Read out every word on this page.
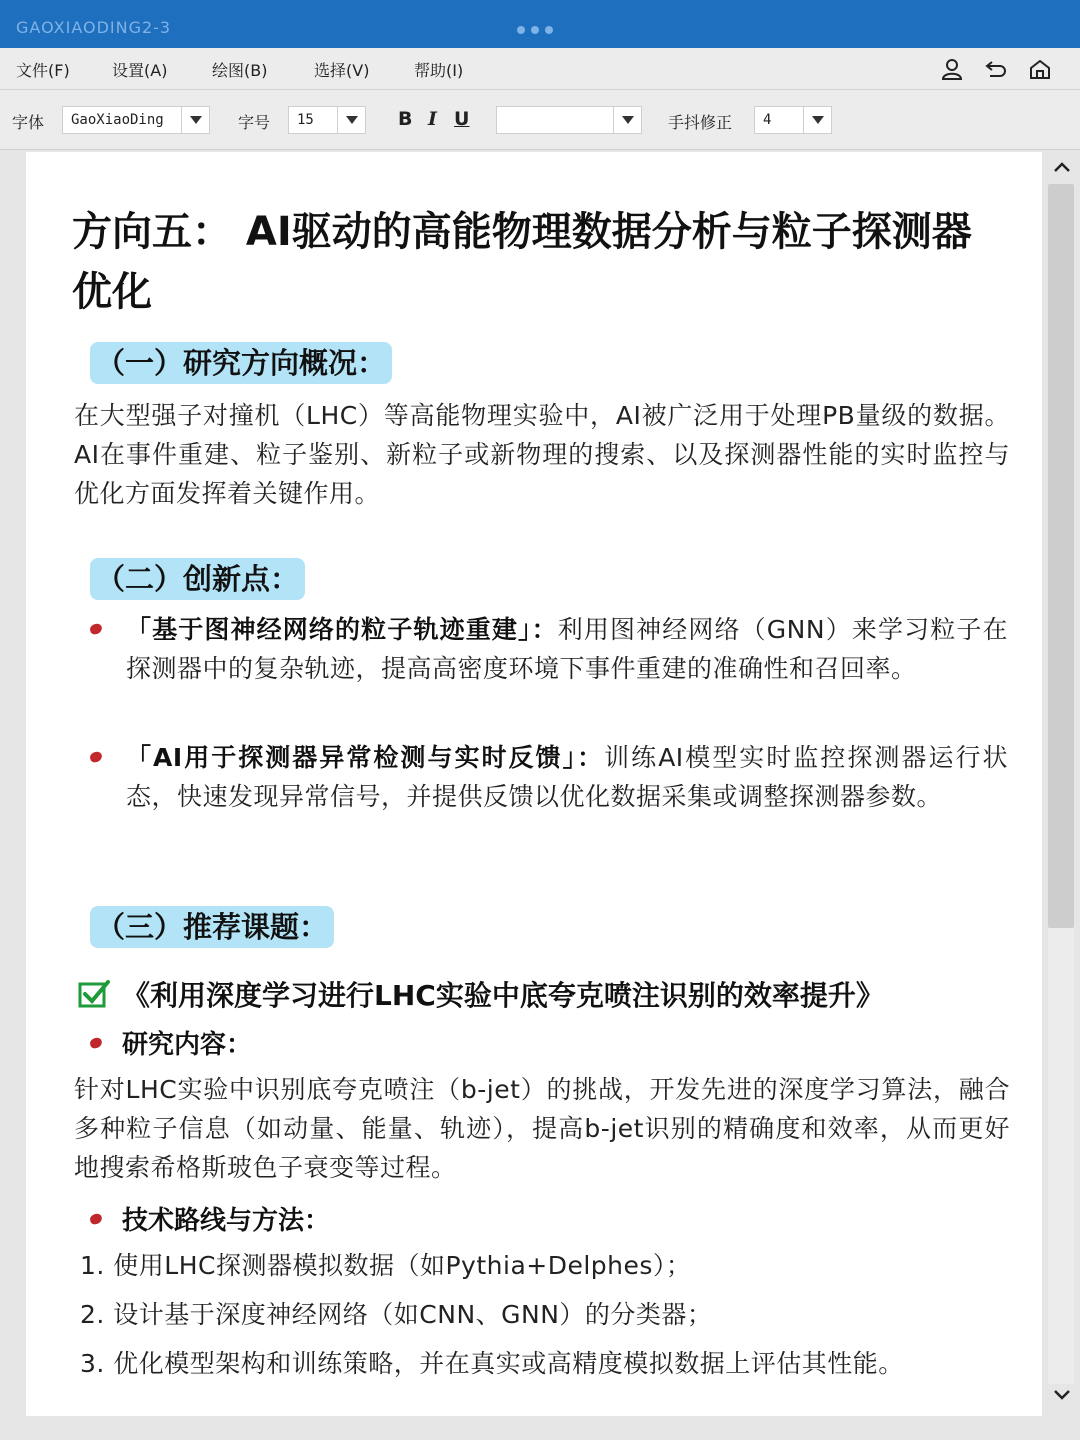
GAOXIAODING2-3
文件(F)	设置(A)	绘图(B)	选择(V)	帮助(I)
字体	GaoXiaoDing	字号	15	B I U	手抖修正	4
方向五： AI驱动的高能物理数据分析与粒子探测器优化
（一）研究方向概况：
在大型强子对撞机（LHC）等高能物理实验中，AI被广泛用于处理PB量级的数据。AI在事件重建、粒子鉴别、新粒子或新物理的搜索、以及探测器性能的实时监控与优化方面发挥着关键作用。
（二）创新点：
「基于图神经网络的粒子轨迹重建」：利用图神经网络（GNN）来学习粒子在探测器中的复杂轨迹，提高高密度环境下事件重建的准确性和召回率。
「AI用于探测器异常检测与实时反馈」：训练AI模型实时监控探测器运行状态，快速发现异常信号，并提供反馈以优化数据采集或调整探测器参数。
（三）推荐课题：
《利用深度学习进行LHC实验中底夸克喷注识别的效率提升》
研究内容：
针对LHC实验中识别底夸克喷注（b-jet）的挑战，开发先进的深度学习算法，融合多种粒子信息（如动量、能量、轨迹），提高b-jet识别的精确度和效率，从而更好地搜索希格斯玻色子衰变等过程。
技术路线与方法：
1. 使用LHC探测器模拟数据（如Pythia+Delphes）；
2. 设计基于深度神经网络（如CNN、GNN）的分类器；
3. 优化模型架构和训练策略，并在真实或高精度模拟数据上评估其性能。
